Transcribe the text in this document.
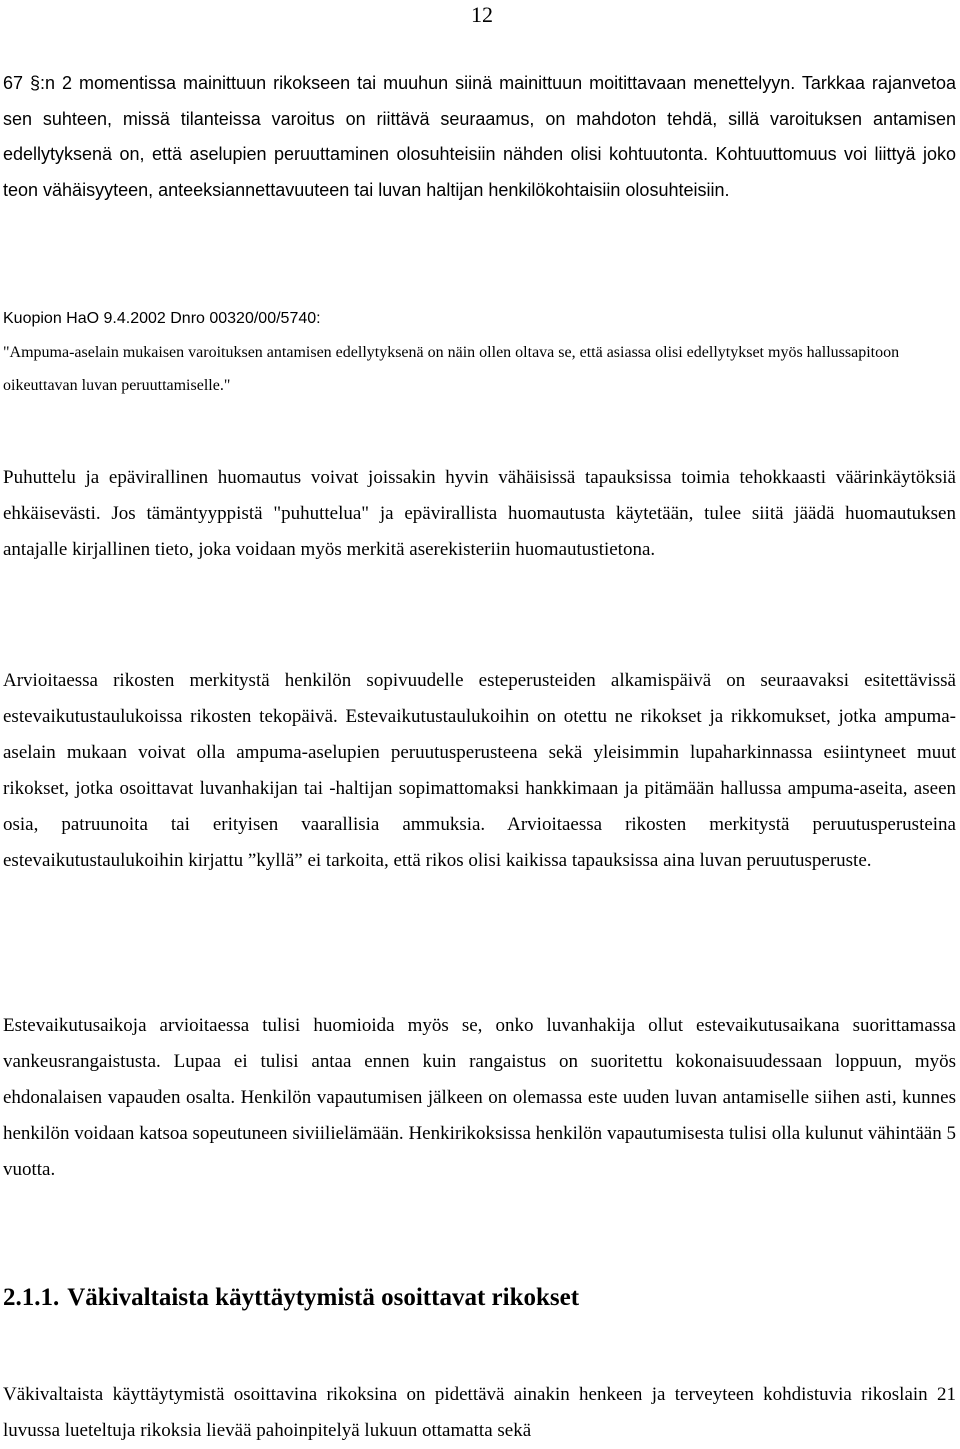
12

67 §:n 2 momentissa mainittuun rikokseen tai muuhun siinä mainittuun moitittavaan menettelyyn. Tarkkaa rajanvetoa sen suhteen, missä tilanteissa varoitus on riittävä seuraamus, on mahdoton tehdä, sillä varoituksen antamisen edellytyksenä on, että aselupien peruuttaminen olosuhteisiin nähden olisi kohtuutonta. Kohtuuttomuus voi liittyä joko teon vähäisyyteen, anteeksiannettavuuteen tai luvan haltijan henkilökohtaisiin olosuhteisiin.

Kuopion HaO 9.4.2002 Dnro 00320/00/5740:

"Ampuma-aselain mukaisen varoituksen antamisen edellytyksenä on näin ollen oltava se, että asiassa olisi edellytykset myös hallussapitoon oikeuttavan luvan peruuttamiselle."

Puhuttelu ja epävirallinen huomautus voivat joissakin hyvin vähäisissä tapauksissa toimia tehokkaasti väärinkäytöksiä ehkäisevästi. Jos tämäntyyppistä "puhuttelua" ja epävirallista huomautusta käytetään, tulee siitä jäädä huomautuksen antajalle kirjallinen tieto, joka voidaan myös merkitä aserekisteriin huomautustietona.

Arvioitaessa rikosten merkitystä henkilön sopivuudelle esteperusteiden alkamispäivä on seuraavaksi esitettävissä estevaikutustaulukoissa rikosten tekopäivä. Estevaikutustaulukoihin on otettu ne rikokset ja rikkomukset, jotka ampuma-aselain mukaan voivat olla ampuma-aselupien peruutusperusteena sekä yleisimmin lupaharkinnassa esiintyneet muut rikokset, jotka osoittavat luvanhakijan tai -haltijan sopimattomaksi hankkimaan ja pitämään hallussa ampuma-aseita, aseen osia, patruunoita tai erityisen vaarallisia ammuksia. Arvioitaessa rikosten merkitystä peruutusperusteina estevaikutustaulukoihin kirjattu ”kyllä” ei tarkoita, että rikos olisi kaikissa tapauksissa aina luvan peruutusperuste.

Estevaikutusaikoja arvioitaessa tulisi huomioida myös se, onko luvanhakija ollut estevaikutusaikana suorittamassa vankeusrangaistusta. Lupaa ei tulisi antaa ennen kuin rangaistus on suoritettu kokonaisuudessaan loppuun, myös ehdonalaisen vapauden osalta. Henkilön vapautumisen jälkeen on olemassa este uuden luvan antamiselle siihen asti, kunnes henkilön voidaan katsoa sopeutuneen siviilielämään. Henkirikoksissa henkilön vapautumisesta tulisi olla kulunut vähintään 5 vuotta.

2.1.1. Väkivaltaista käyttäytymistä osoittavat rikokset

Väkivaltaista käyttäytymistä osoittavina rikoksina on pidettävä ainakin henkeen ja terveyteen kohdistuvia rikoslain 21 luvussa lueteltuja rikoksia lievää pahoinpitelyä lukuun ottamatta sekä
